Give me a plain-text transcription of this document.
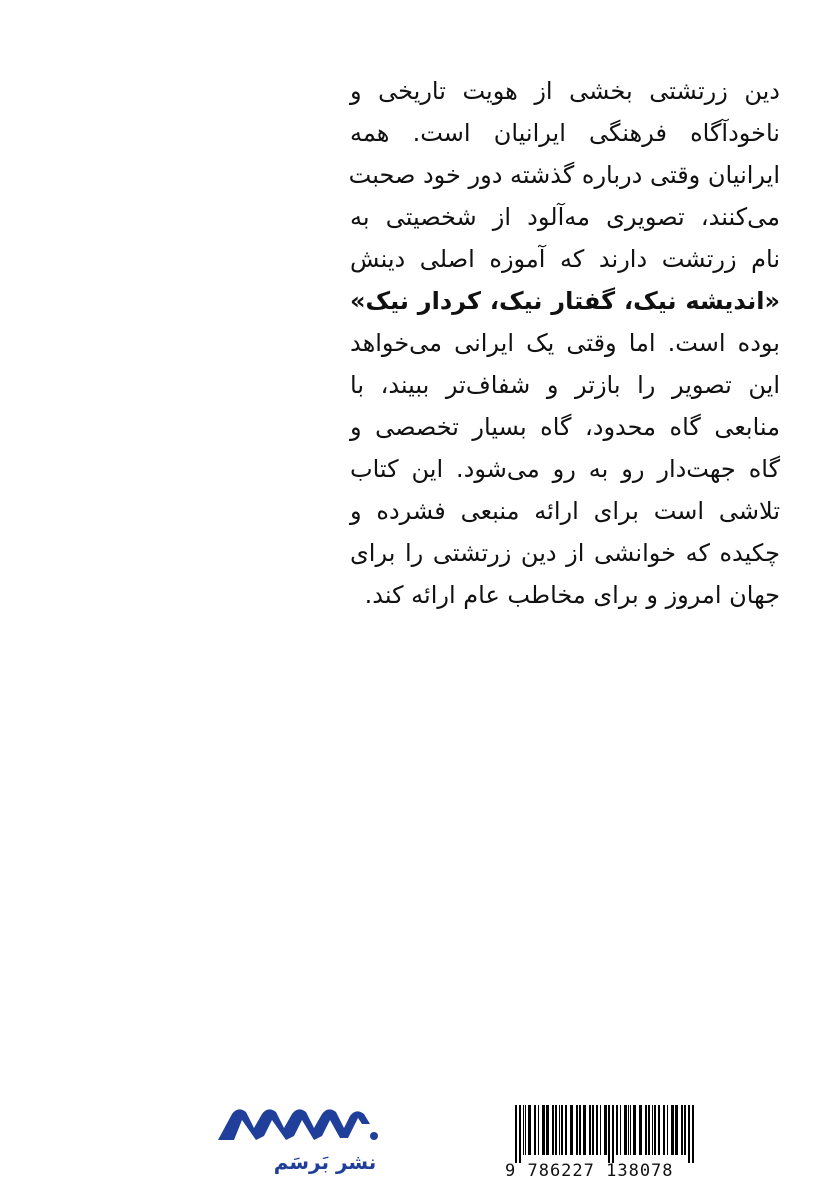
دین زرتشتی بخشی از هویت تاریخی و
ناخودآگاه فرهنگی ایرانیان است. همه
ایرانیان وقتی درباره گذشته دور خود صحبت
می‌کنند، تصویری مه‌آلود از شخصیتی به
نام زرتشت دارند که آموزه اصلی دینش
«اندیشه نیک، گفتار نیک، کردار نیک»
بوده است. اما وقتی یک ایرانی می‌خواهد
این تصویر را بازتر و شفاف‌تر ببیند، با
منابعی گاه محدود، گاه بسیار تخصصی و
گاه جهت‌دار رو به رو می‌شود. این کتاب
تلاشی است برای ارائه منبعی فشرده و
چکیده که خوانشی از دین زرتشتی را برای
جهان امروز و برای مخاطب عام ارائه کند.
نشر بَرسَم	9 786227 138078
